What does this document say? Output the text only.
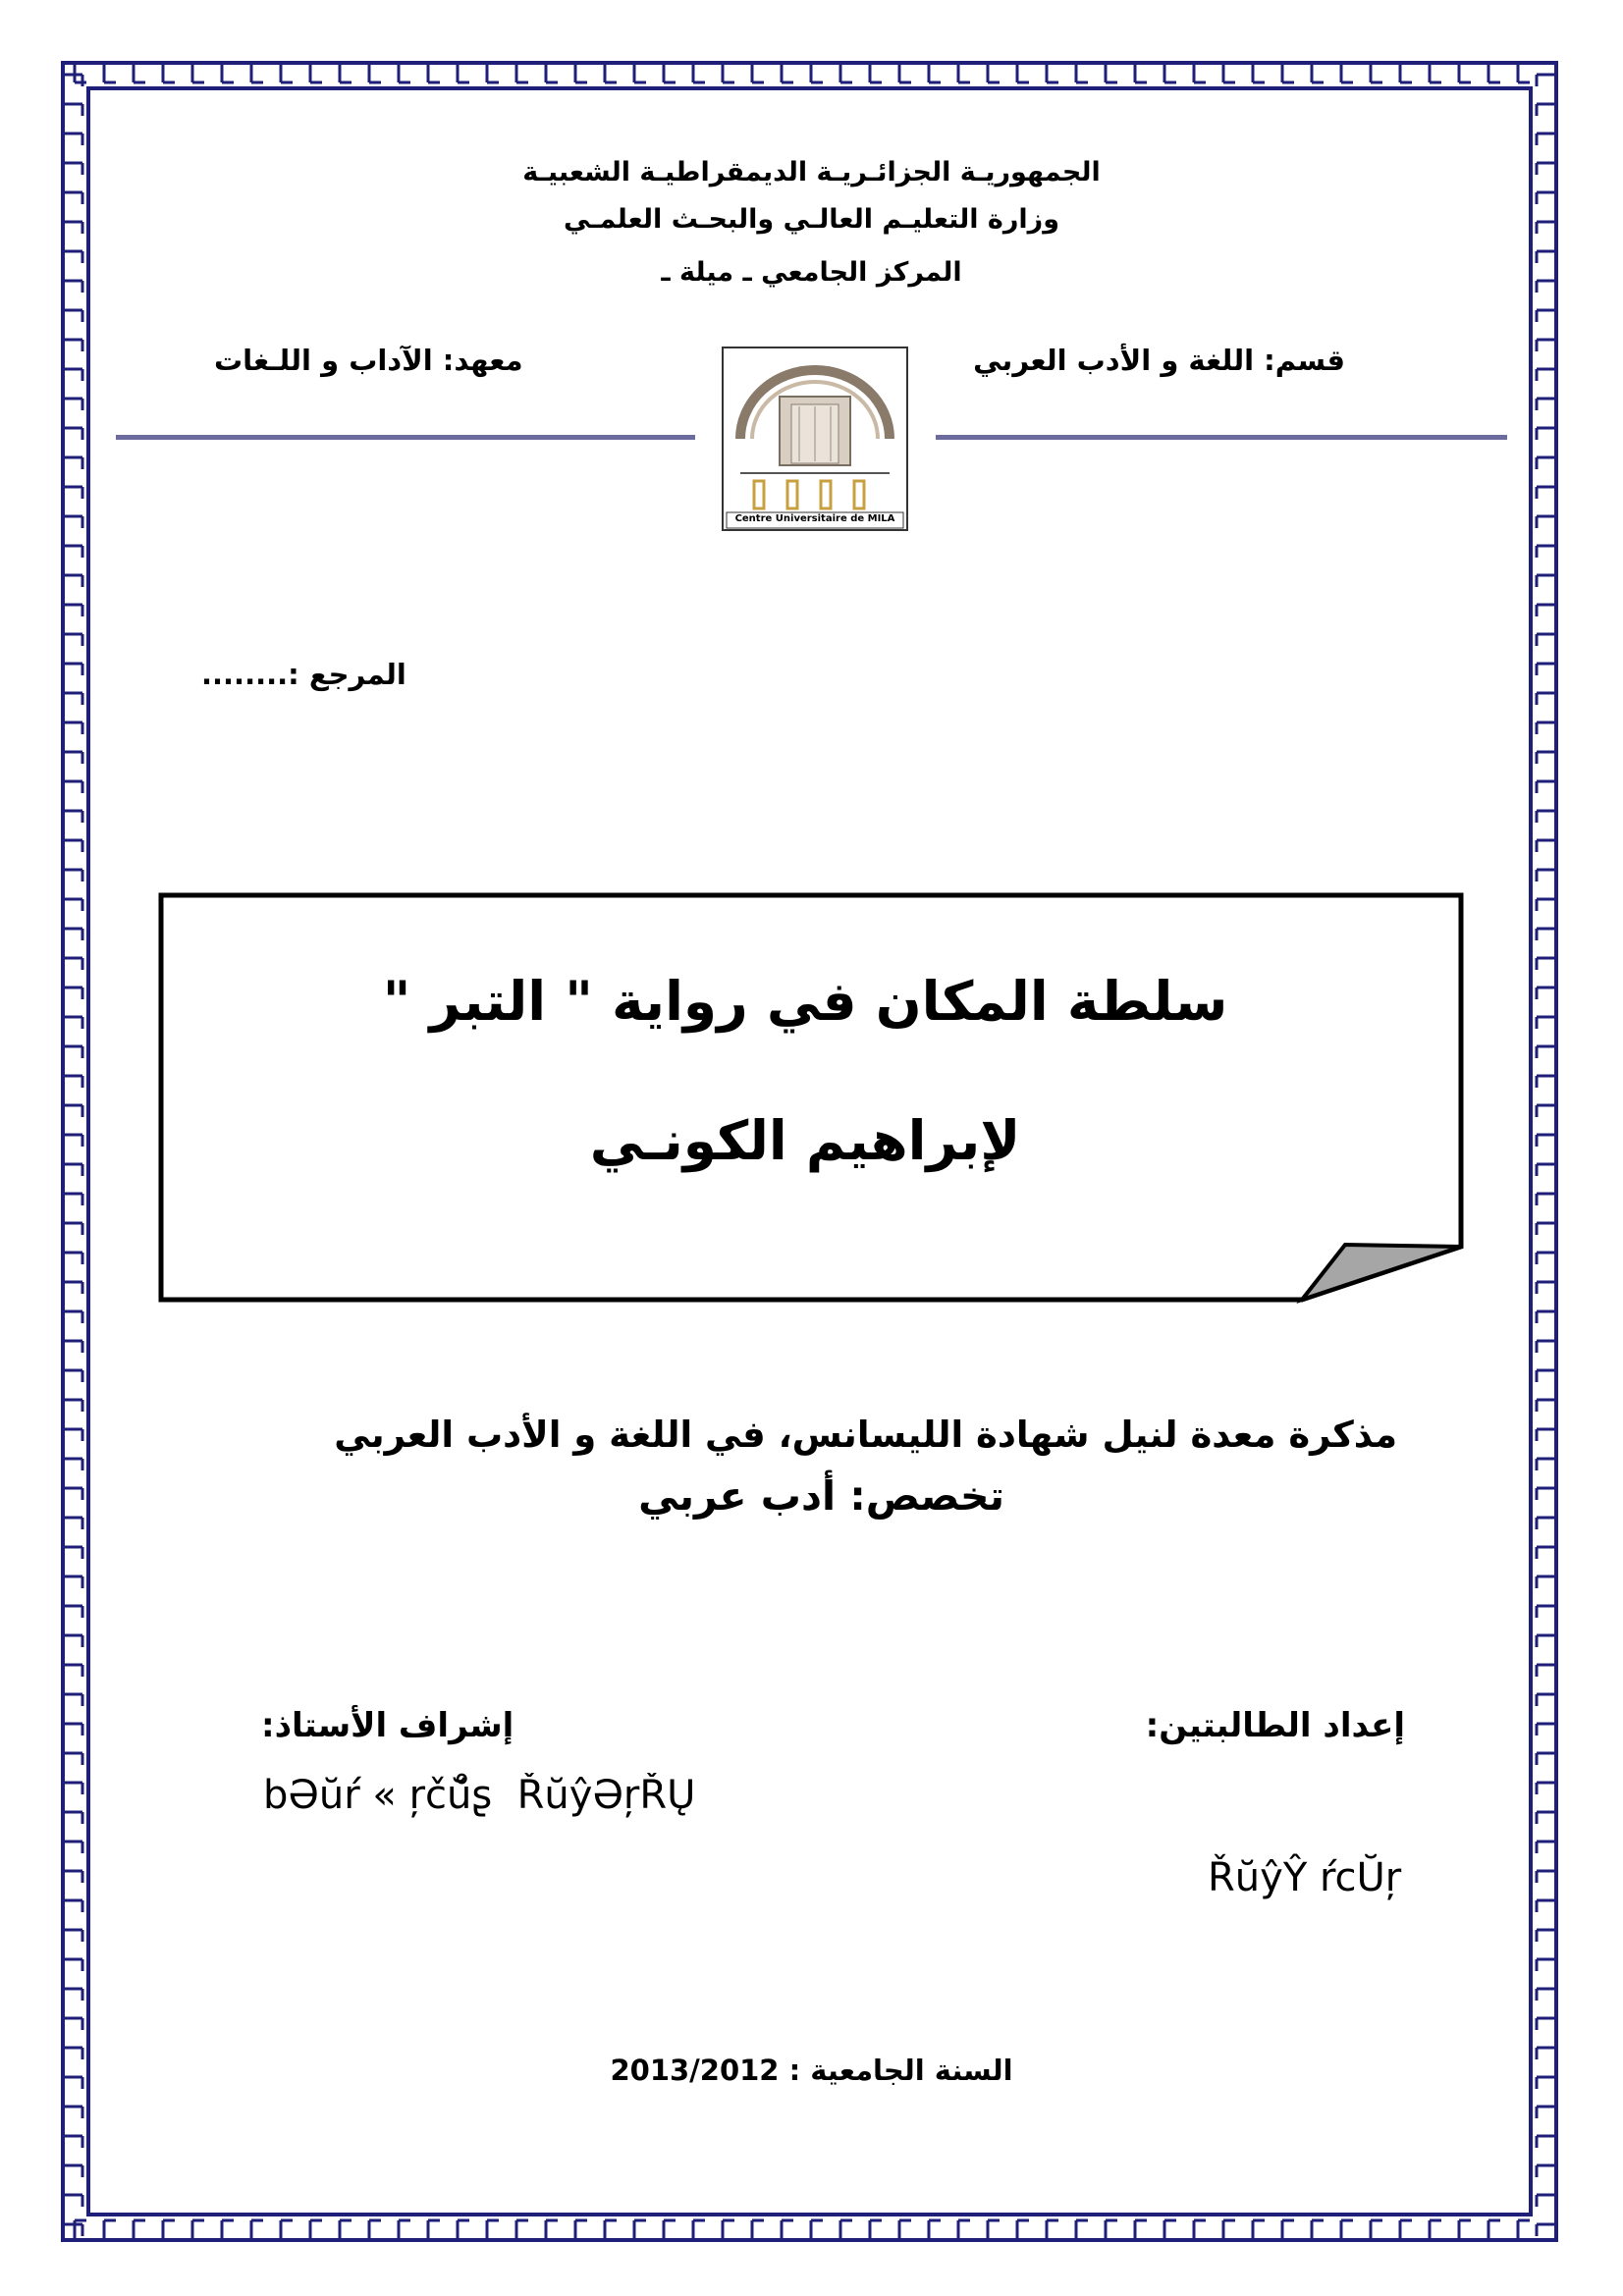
الجمهوريـة الجزائـريـة الديمقراطيـة الشعبيـة
وزارة التعليـم العالـي والبحـث العلمـي
المركز الجامعي ـ ميلة ـ
قسم: اللغة و الأدب العربي
معهد: الآداب و اللـغات
Centre Universitaire de MILA
المرجع :........
سلطة المكان في رواية " التبر "
لإبراهيم الكونـي
مذكرة معدة لنيل شهادة الليسانس، في اللغة و الأدب العربي
تخصص: أدب عربي
إعداد الطالبتين:
إشراف الأستاذ:

bƏŭŕ « ŗčŭ̊ʂ  ŘŭŷƏŗŘŲ

ŘŭŷŶ ŕcŬŗ
السنة الجامعية : 2013/2012
